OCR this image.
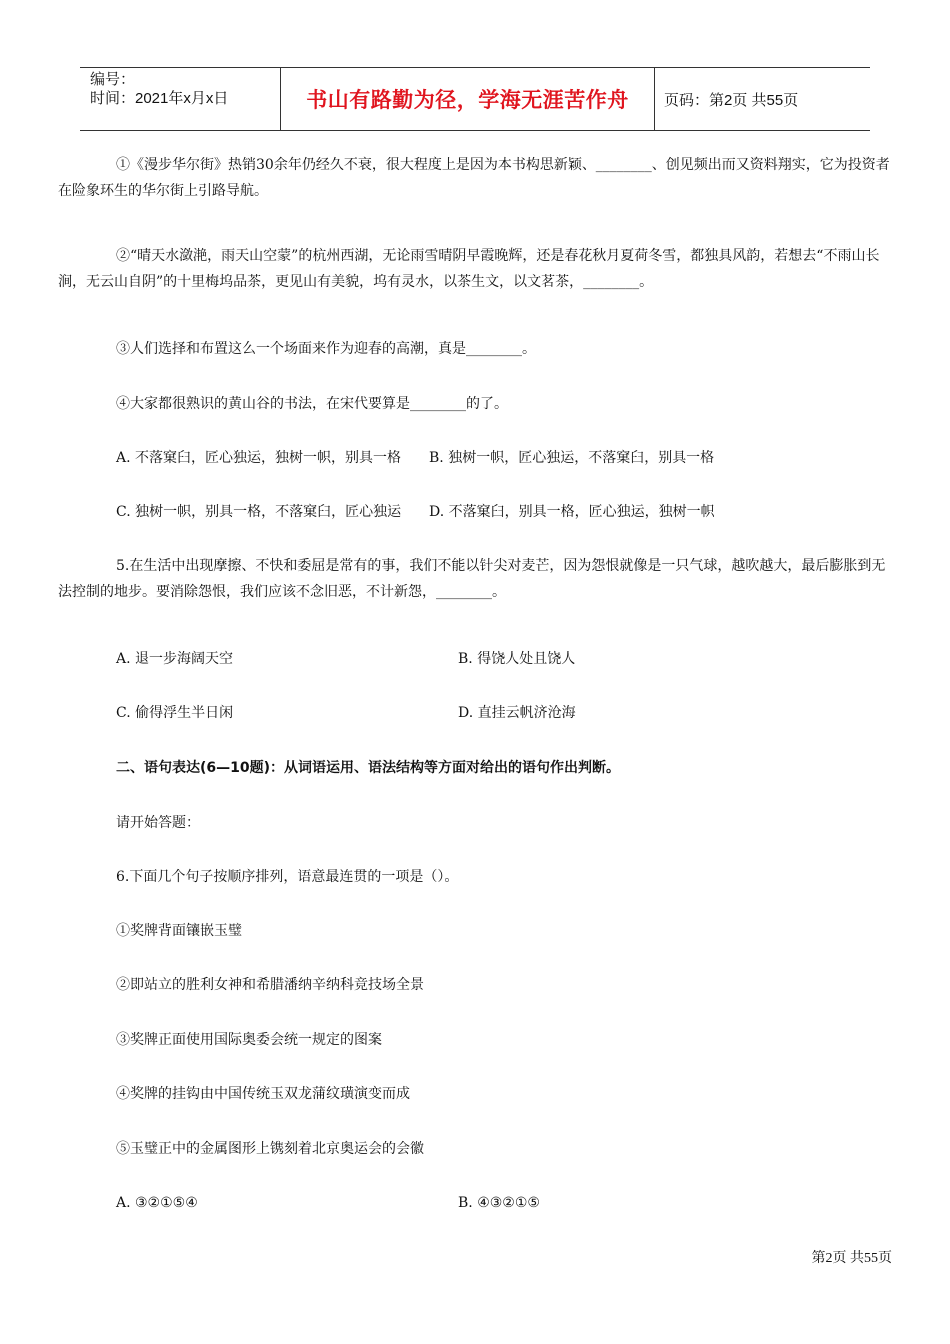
编号：
时间：2021年x月x日	书山有路勤为径，学海无涯苦作舟 页码：第2页 共55页

①《漫步华尔街》热销30余年仍经久不衰，很大程度上是因为本书构思新颖、________、创见频出而又资料翔实，它为投资者在险象环生的华尔街上引路导航。

②“晴天水潋滟，雨天山空蒙”的杭州西湖，无论雨雪晴阴早霞晚辉，还是春花秋月夏荷冬雪，都独具风韵，若想去“不雨山长涧，无云山自阴”的十里梅坞品茶，更见山有美貌，坞有灵水，以茶生文，以文茗茶，________。

③人们选择和布置这么一个场面来作为迎春的高潮，真是________。
④大家都很熟识的黄山谷的书法，在宋代要算是________的了。
A. 不落窠臼，匠心独运，独树一帜，别具一格 B. 独树一帜，匠心独运，不落窠臼，别具一格
C. 独树一帜，别具一格，不落窠臼，匠心独运 D. 不落窠臼，别具一格，匠心独运，独树一帜

5.在生活中出现摩擦、不快和委屈是常有的事，我们不能以针尖对麦芒，因为怨恨就像是一只气球，越吹越大，最后膨胀到无法控制的地步。要消除怨恨，我们应该不念旧恶，不计新怨，________。

A. 退一步海阔天空	B. 得饶人处且饶人
C. 偷得浮生半日闲	D. 直挂云帆济沧海
二、语句表达(6—10题)：从词语运用、语法结构等方面对给出的语句作出判断。
请开始答题：
6.下面几个句子按顺序排列，语意最连贯的一项是（）。
①奖牌背面镶嵌玉璧
②即站立的胜利女神和希腊潘纳辛纳科竞技场全景
③奖牌正面使用国际奥委会统一规定的图案
④奖牌的挂钩由中国传统玉双龙蒲纹璜演变而成
⑤玉璧正中的金属图形上镌刻着北京奥运会的会徽
A. ③②①⑤④	B. ④③②①⑤
第2页 共55页
